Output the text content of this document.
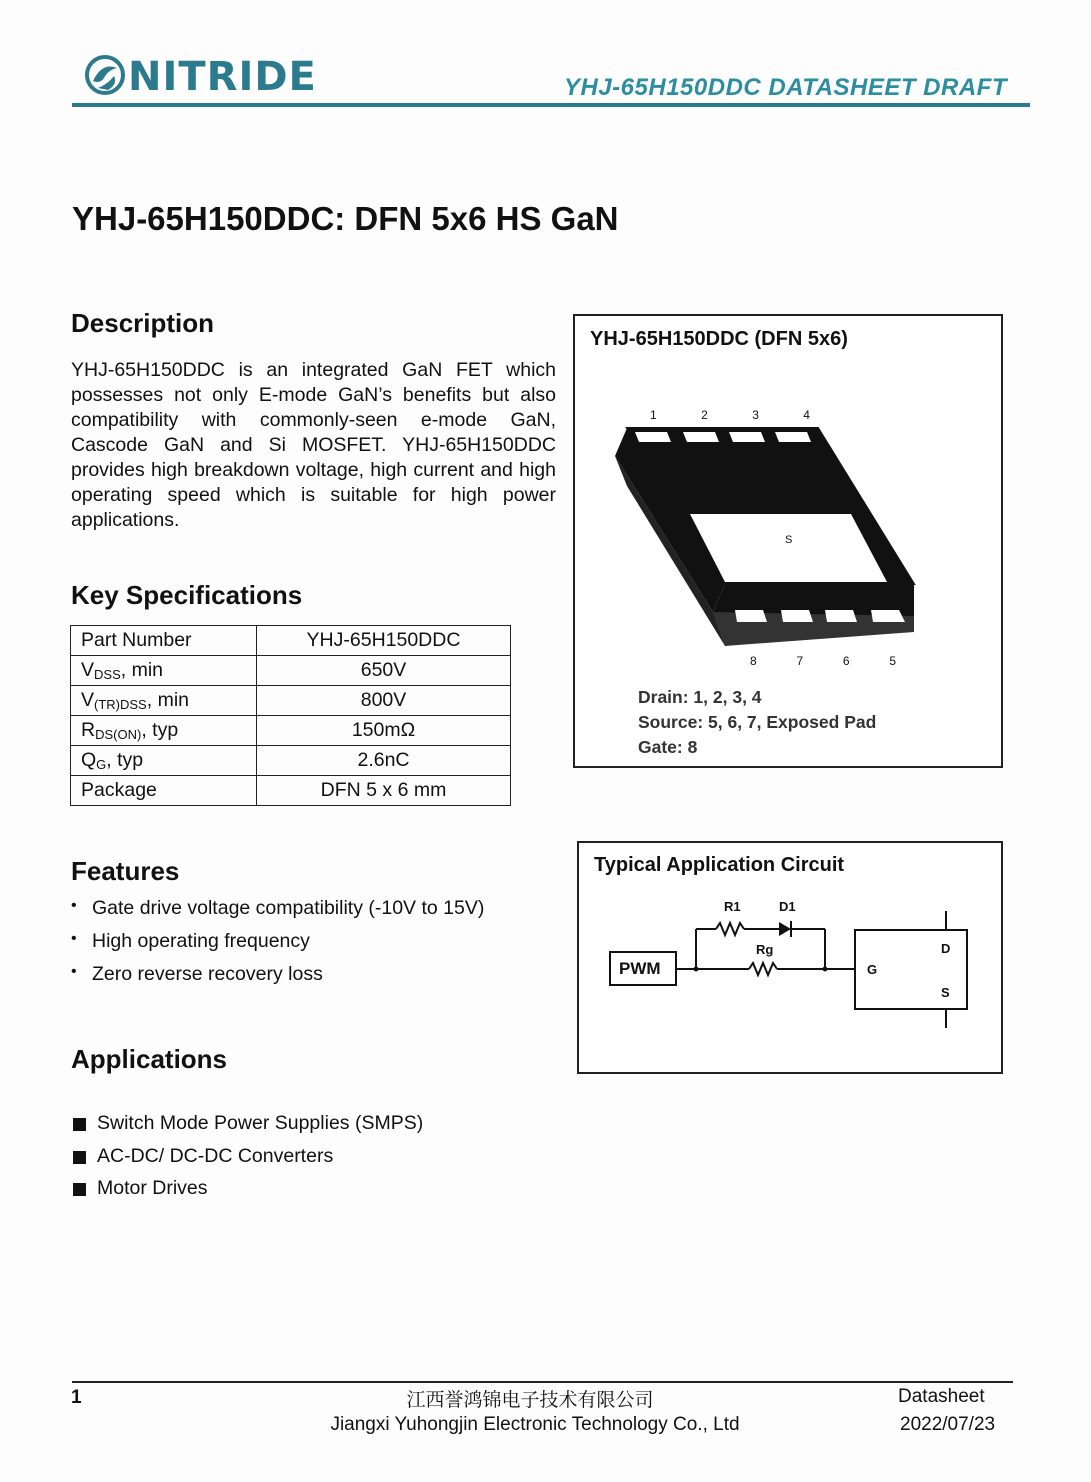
NITRIDE	YHJ-65H150DDC DATASHEET DRAFT
YHJ-65H150DDC: DFN 5x6 HS GaN
Description

YHJ-65H150DDC is an integrated GaN FET which possesses not only E-mode GaN’s benefits but also compatibility with commonly-seen e-mode GaN, Cascode GaN and Si MOSFET. YHJ-65H150DDC provides high breakdown voltage, high current and high operating speed which is suitable for high power applications.

Key Specifications
Part Number	YHJ-65H150DDC
$V_{DSS}$, min	650V
$V_{(TR)DSS}$, min	800V
$R_{DS(ON)}$, typ	150mΩ
$Q_G$, typ	2.6nC
Package	DFN 5 x 6 mm
Features
• Gate drive voltage compatibility (-10V to 15V)
• High operating frequency
• Zero reverse recovery loss
Applications
Switch Mode Power Supplies (SMPS)
AC-DC/ DC-DC Converters
Motor Drives
YHJ-65H150DDC (DFN 5x6)
1	2	3	4
S
8	7	6	5
Drain: 1, 2, 3, 4
Source: 5, 6, 7, Exposed Pad
Gate: 8
Typical Application Circuit
PWM
R1	D1
Rg
G
D
S
1	江西誉鸿锦电子技术有限公司
Jiangxi Yuhongjin Electronic Technology Co., Ltd
Datasheet
2022/07/23
